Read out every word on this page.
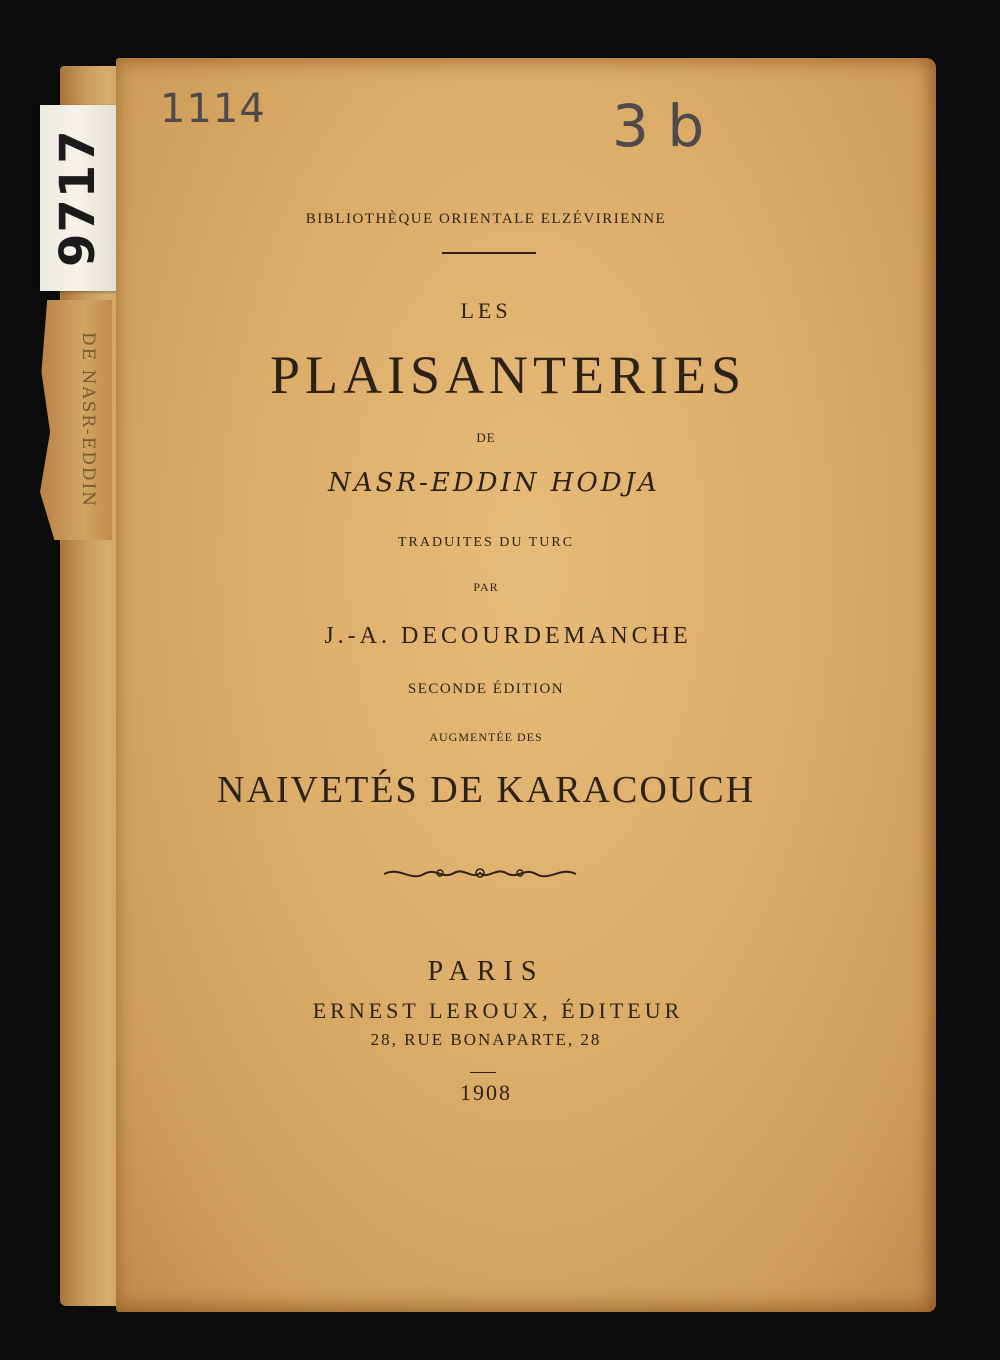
DE NASR-EDDIN
9717
1114	3 b
BIBLIOTHÈQUE ORIENTALE ELZÉVIRIENNE
LES
PLAISANTERIES
DE
NASR-EDDIN HODJA
TRADUITES DU TURC
PAR
J.-A. DECOURDEMANCHE
SECONDE ÉDITION
AUGMENTÉE DES
NAIVETÉS DE KARACOUCH
PARIS
ERNEST LEROUX, ÉDITEUR
28, RUE BONAPARTE, 28
1908
